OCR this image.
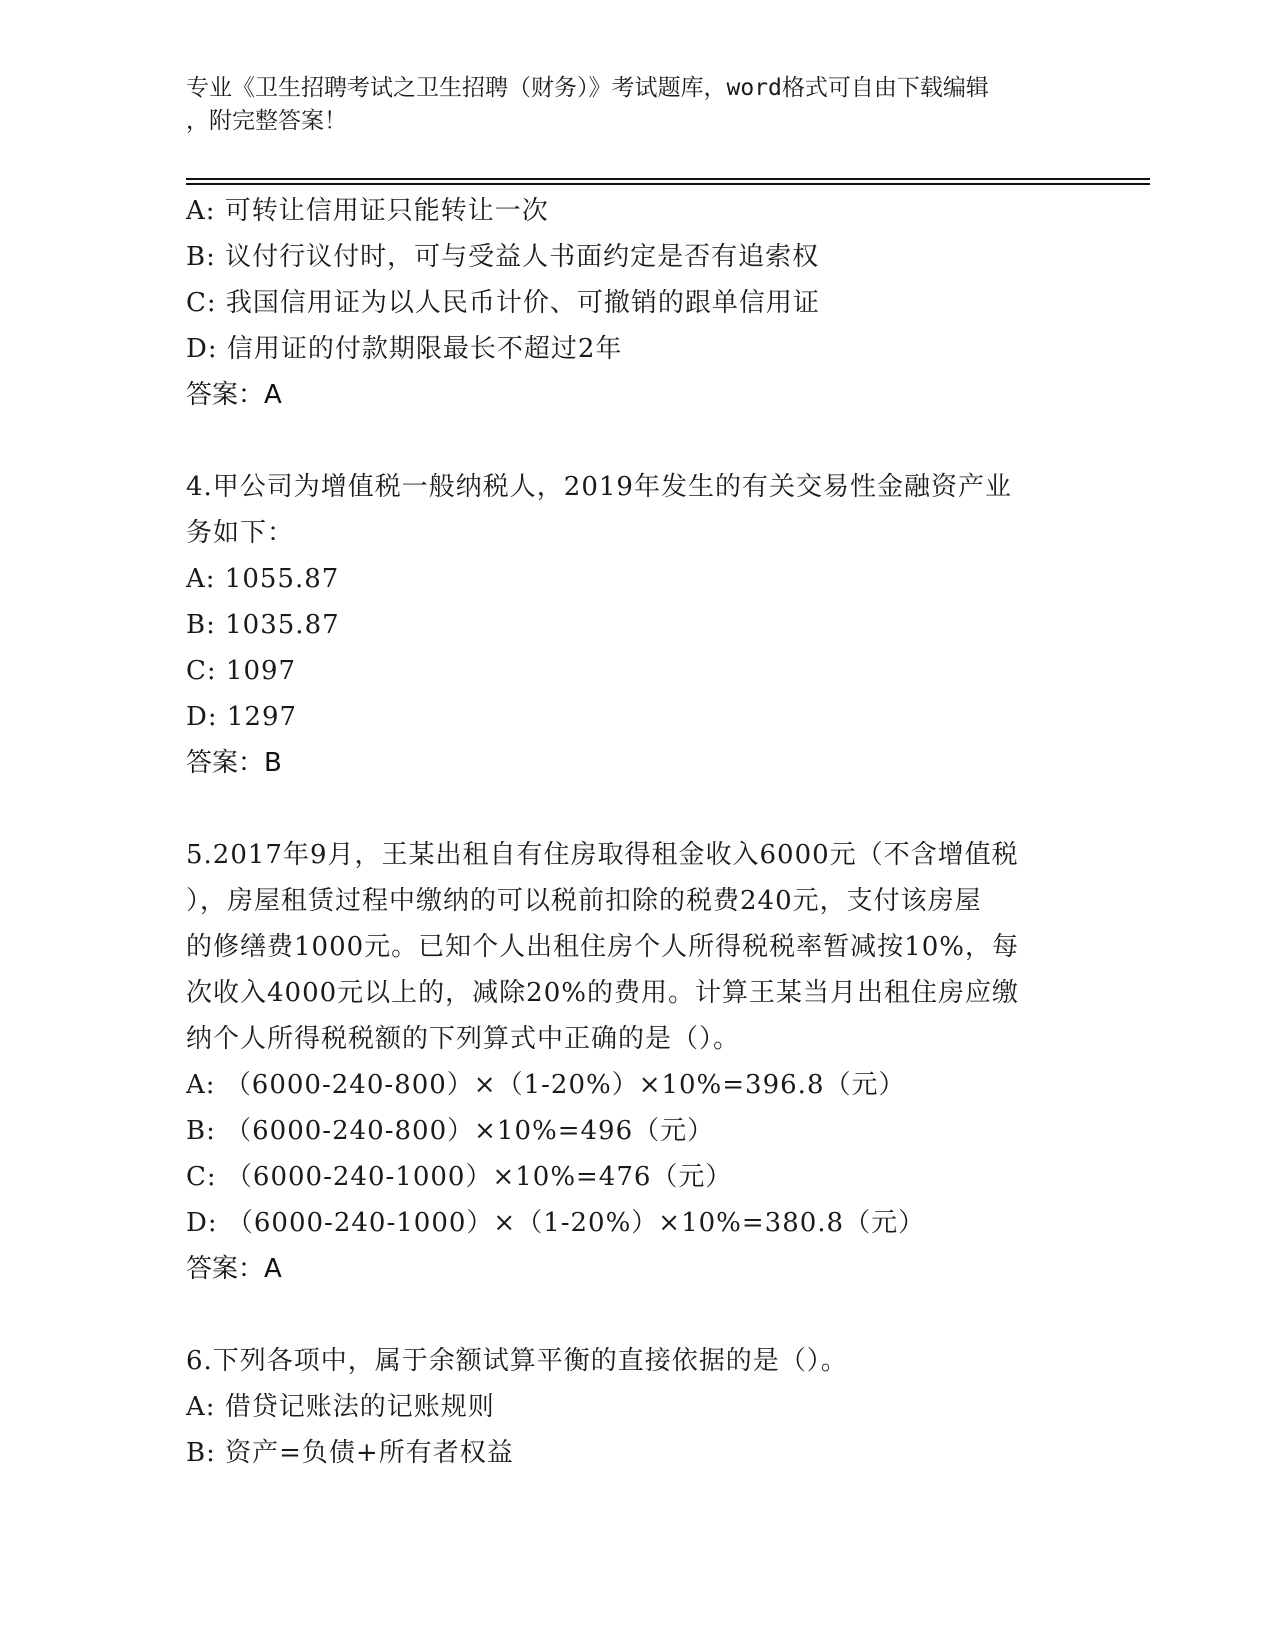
专业《卫生招聘考试之卫生招聘（财务）》考试题库，word格式可自由下载编辑
，附完整答案！
A: 可转让信用证只能转让一次
B: 议付行议付时，可与受益人书面约定是否有追索权
C: 我国信用证为以人民币计价、可撤销的跟单信用证
D: 信用证的付款期限最长不超过2年
答案：A
4.甲公司为增值税一般纳税人，2019年发生的有关交易性金融资产业
务如下：
A: 1055.87
B: 1035.87
C: 1097
D: 1297
答案：B
5.2017年9月，王某出租自有住房取得租金收入6000元（不含增值税
），房屋租赁过程中缴纳的可以税前扣除的税费240元，支付该房屋
的修缮费1000元。已知个人出租住房个人所得税税率暂减按10%，每
次收入4000元以上的，减除20%的费用。计算王某当月出租住房应缴
纳个人所得税税额的下列算式中正确的是（）。
A: （6000-240-800）×（1-20%）×10%=396.8（元）
B: （6000-240-800）×10%=496（元）
C: （6000-240-1000）×10%=476（元）
D: （6000-240-1000）×（1-20%）×10%=380.8（元）
答案：A
6.下列各项中，属于余额试算平衡的直接依据的是（）。
A: 借贷记账法的记账规则
B: 资产=负债+所有者权益
